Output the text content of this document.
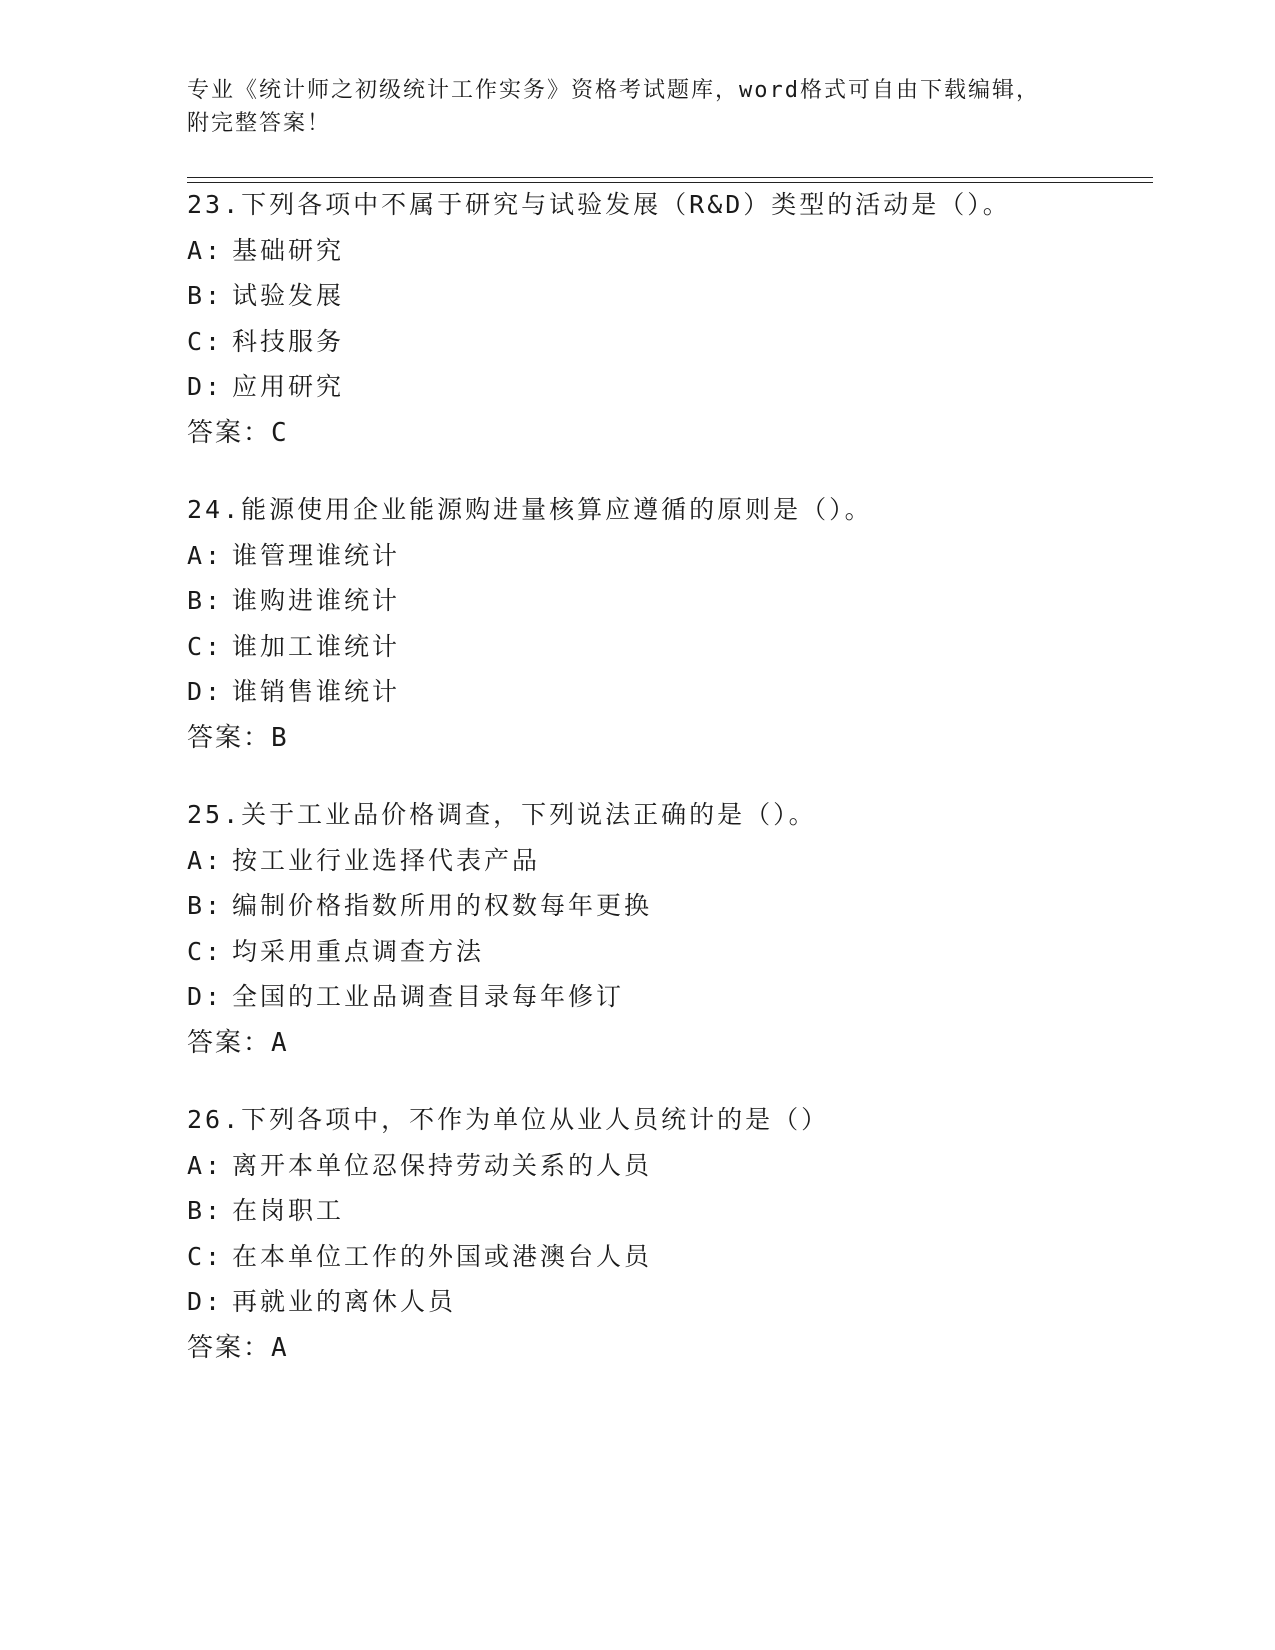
专业《统计师之初级统计工作实务》资格考试题库，word格式可自由下载编辑，
附完整答案！
23.下列各项中不属于研究与试验发展（R&D）类型的活动是（）。
A: 基础研究
B: 试验发展
C: 科技服务
D: 应用研究
答案：C
24.能源使用企业能源购进量核算应遵循的原则是（）。
A: 谁管理谁统计
B: 谁购进谁统计
C: 谁加工谁统计
D: 谁销售谁统计
答案：B
25.关于工业品价格调查，下列说法正确的是（）。
A: 按工业行业选择代表产品
B: 编制价格指数所用的权数每年更换
C: 均采用重点调查方法
D: 全国的工业品调查目录每年修订
答案：A
26.下列各项中，不作为单位从业人员统计的是（）
A: 离开本单位忍保持劳动关系的人员
B: 在岗职工
C: 在本单位工作的外国或港澳台人员
D: 再就业的离休人员
答案：A
